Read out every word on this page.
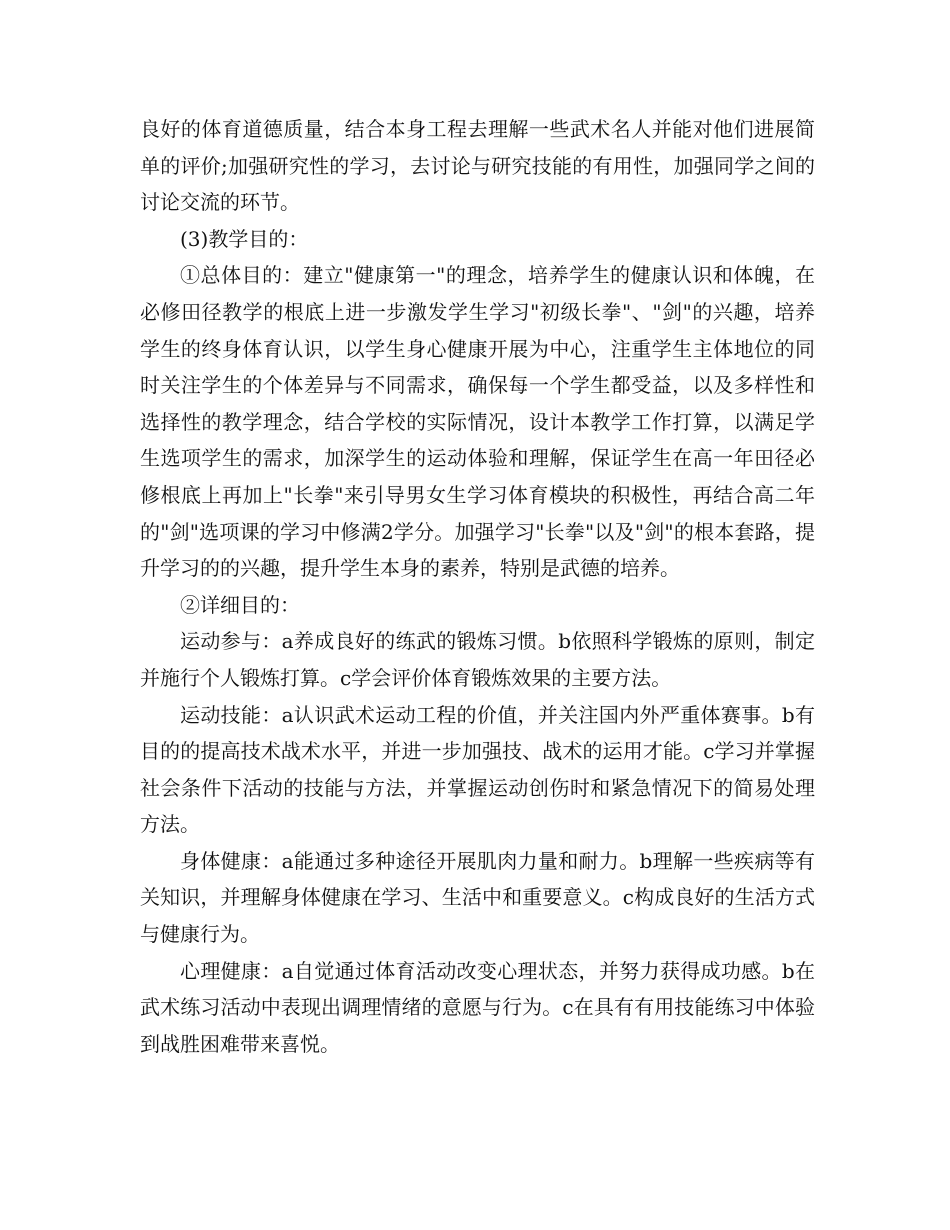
良好的体育道德质量，结合本身工程去理解一些武术名人并能对他们进展简单的评价;加强研究性的学习，去讨论与研究技能的有用性，加强同学之间的讨论交流的环节。

(3)教学目的：

①总体目的：建立"健康第一"的理念，培养学生的健康认识和体魄，在必修田径教学的根底上进一步激发学生学习"初级长拳"、"剑"的兴趣，培养学生的终身体育认识，以学生身心健康开展为中心，注重学生主体地位的同时关注学生的个体差异与不同需求，确保每一个学生都受益，以及多样性和选择性的教学理念，结合学校的实际情况，设计本教学工作打算，以满足学生选项学生的需求，加深学生的运动体验和理解，保证学生在高一年田径必修根底上再加上"长拳"来引导男女生学习体育模块的积极性，再结合高二年的"剑"选项课的学习中修满2学分。加强学习"长拳"以及"剑"的根本套路，提升学习的的兴趣，提升学生本身的素养，特别是武德的培养。

②详细目的：

运动参与：a养成良好的练武的锻炼习惯。b依照科学锻炼的原则，制定并施行个人锻炼打算。c学会评价体育锻炼效果的主要方法。

运动技能：a认识武术运动工程的价值，并关注国内外严重体赛事。b有目的的提高技术战术水平，并进一步加强技、战术的运用才能。c学习并掌握社会条件下活动的技能与方法，并掌握运动创伤时和紧急情况下的简易处理方法。

身体健康：a能通过多种途径开展肌肉力量和耐力。b理解一些疾病等有关知识，并理解身体健康在学习、生活中和重要意义。c构成良好的生活方式与健康行为。

心理健康：a自觉通过体育活动改变心理状态，并努力获得成功感。b在武术练习活动中表现出调理情绪的意愿与行为。c在具有有用技能练习中体验到战胜困难带来喜悦。
